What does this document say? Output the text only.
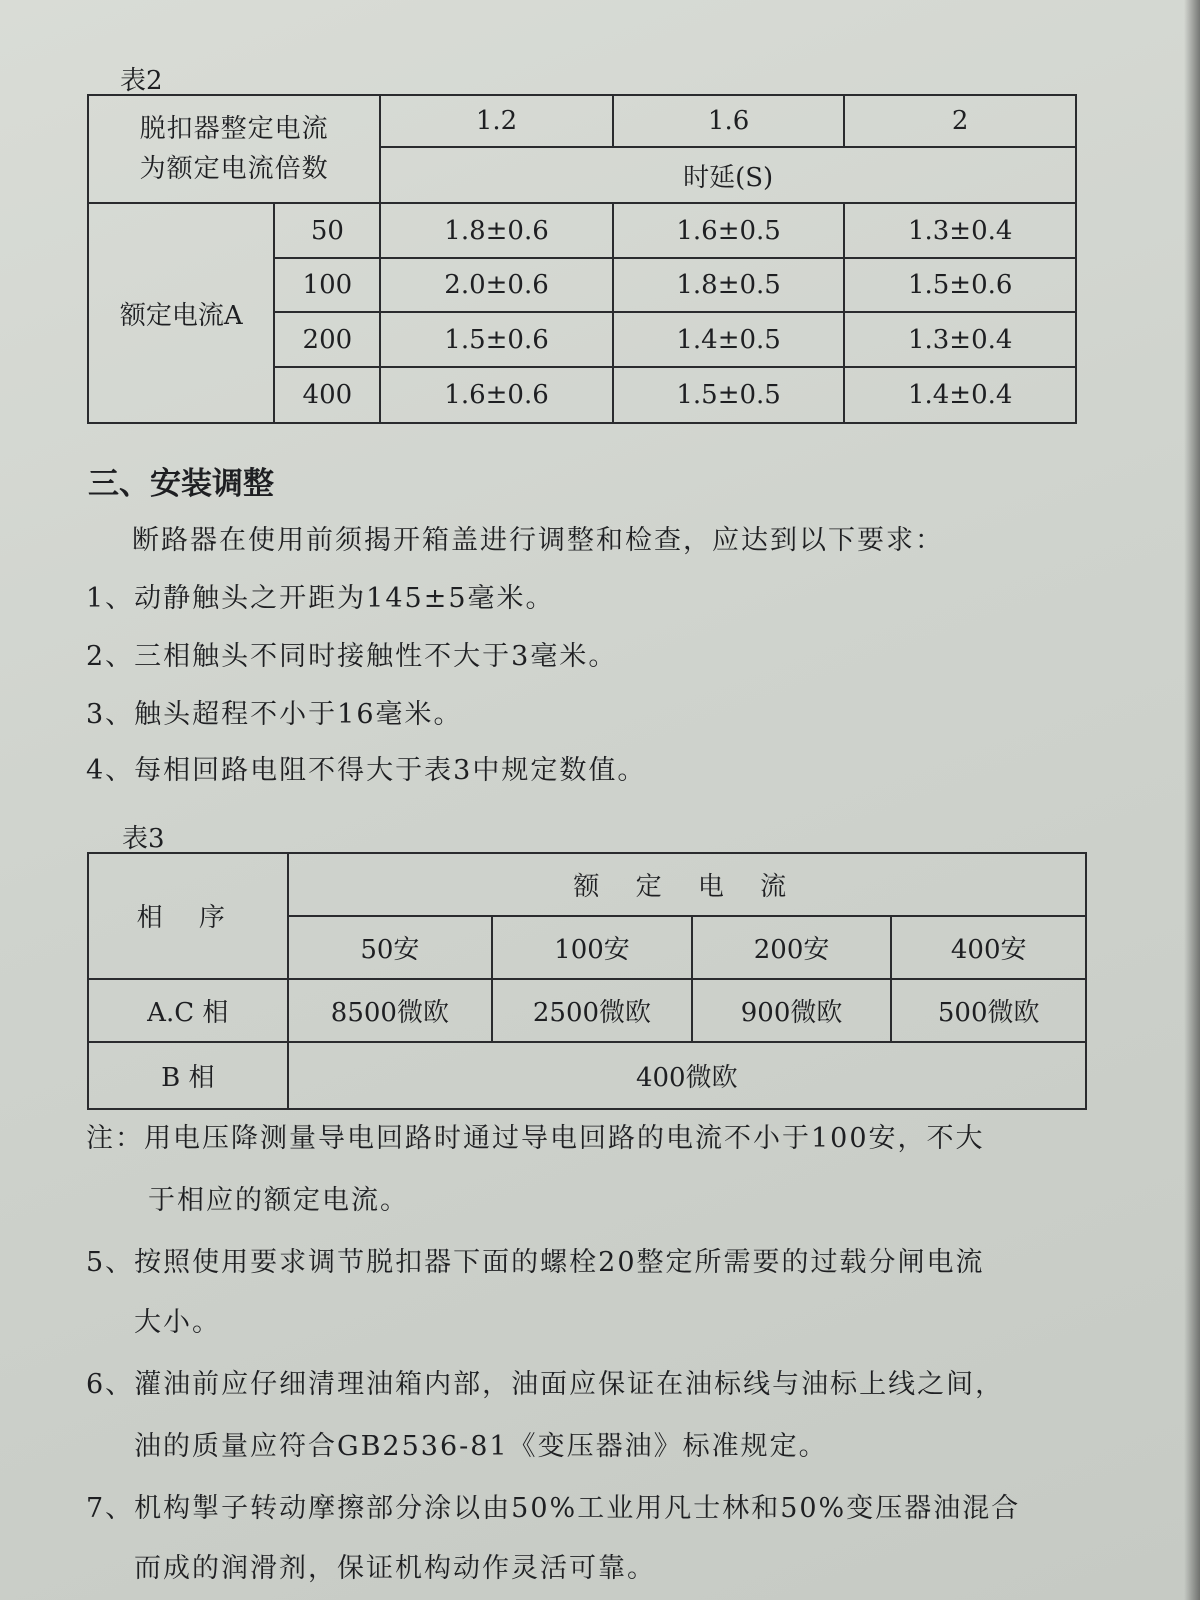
表2
脱扣器整定电流
为额定电流倍数		1.2	1.6	2
		时延(S)		
额定电流A	50	1.8±0.6	1.6±0.5	1.3±0.4
	100	2.0±0.6	1.8±0.5	1.5±0.6
	200	1.5±0.6	1.4±0.5	1.3±0.4
	400	1.6±0.6	1.5±0.5	1.4±0.4
三、安装调整
断路器在使用前须揭开箱盖进行调整和检查，应达到以下要求：
1、动静触头之开距为145±5毫米。
2、三相触头不同时接触性不大于3毫米。
3、触头超程不小于16毫米。
4、每相回路电阻不得大于表3中规定数值。
表3
相 序	额 定 电 流			
	50安	100安	200安	400安
A.C 相	8500微欧	2500微欧	900微欧	500微欧
B 相	400微欧			
注：用电压降测量导电回路时通过导电回路的电流不小于100安，不大
于相应的额定电流。
5、按照使用要求调节脱扣器下面的螺栓20整定所需要的过载分闸电流
大小。
6、灌油前应仔细清理油箱内部，油面应保证在油标线与油标上线之间，
油的质量应符合GB2536-81《变压器油》标准规定。
7、机构掣子转动摩擦部分涂以由50%工业用凡士林和50%变压器油混合
而成的润滑剂，保证机构动作灵活可靠。
